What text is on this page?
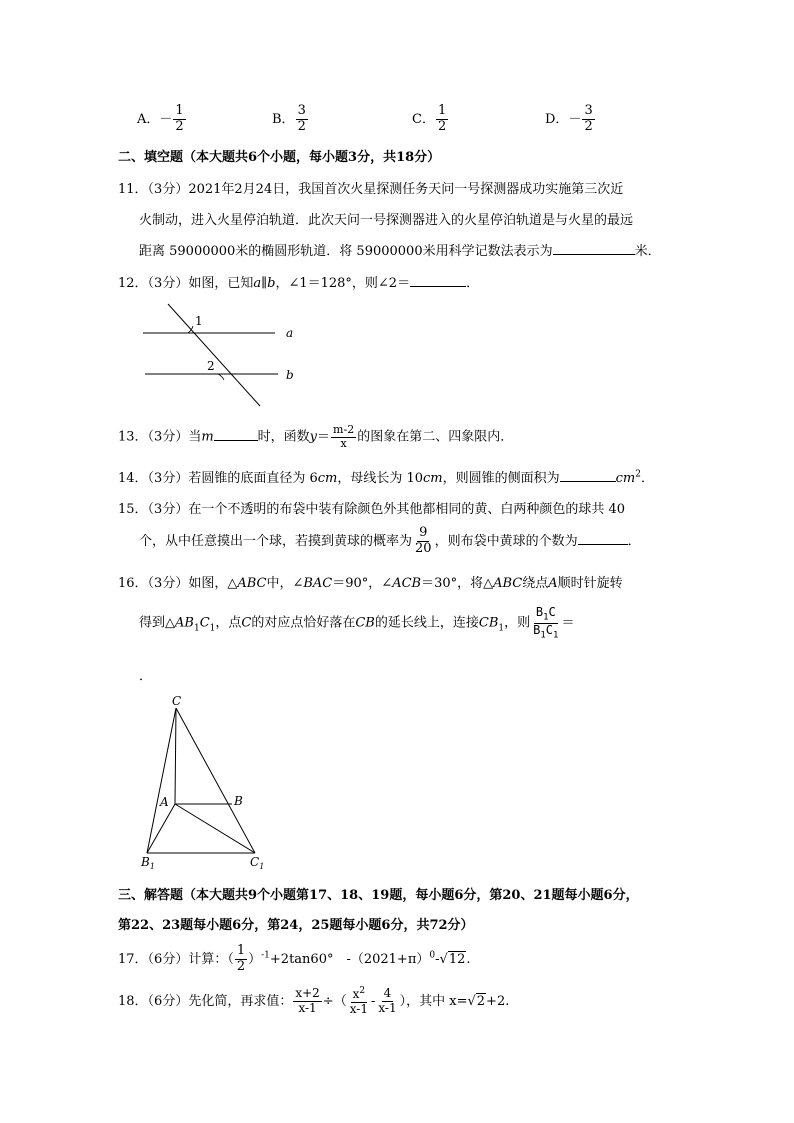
A．－ $\frac{1}{2}$	B． $\frac{3}{2}$	C． $\frac{1}{2}$	D．－ $\frac{3}{2}$
二、填空题（本大题共6个小题，每小题3分，共18分）
11．（3分）2021年2月24日，我国首次火星探测任务天问一号探测器成功实施第三次近
火制动，进入火星停泊轨道．此次天问一号探测器进入的火星停泊轨道是与火星的最远
距离 59000000米的椭圆形轨道．将 59000000米用科学记数法表示为	米．
12．（3分）如图，已知a∥b，∠1＝128°，则∠2＝	．
1
2
a
b
13．（3分）当m	时，函数$y= \frac{m-2}{x}$ 的图象在第二、四象限内．
14．（3分）若圆锥的底面直径为 6cm，母线长为 10cm，则圆锥的侧面积为	$cm^2$．
15．（3分）在一个不透明的布袋中装有除颜色外其他都相同的黄、白两种颜色的球共 40
个，从中任意摸出一个球，若摸到黄球的概率为 $\frac{9}{20}$ ，则布袋中黄球的个数为	．
16．（3分）如图，△ABC中，∠BAC＝90°，∠ACB＝30°，将△ABC绕点A顺时针旋转
得到$\triangle AB_1C_1$，点C的对应点恰好落在CB的延长线上，连接$CB_1$，则 $\frac{B_1C}{B_1C_1}$ ＝
．
C
A	B
$B_1$	$C_1$
三、解答题（本大题共9个小题第17、18、19题，每小题6分，第20、21题每小题6分，
第22、23题每小题6分，第24，25题每小题6分，共72分）
17．（6分）计算：（ $\frac{1}{2} )^{-1}+2\tan 60^\circ$　$-(2021+\pi)^0-√12$.
18．（6分）先化简，再求值： $\frac{x+2}{x-1}$ ÷（ $\frac{x^2}{x-1} - \frac{4}{x-1}$ ），其中 x=√2+2.
